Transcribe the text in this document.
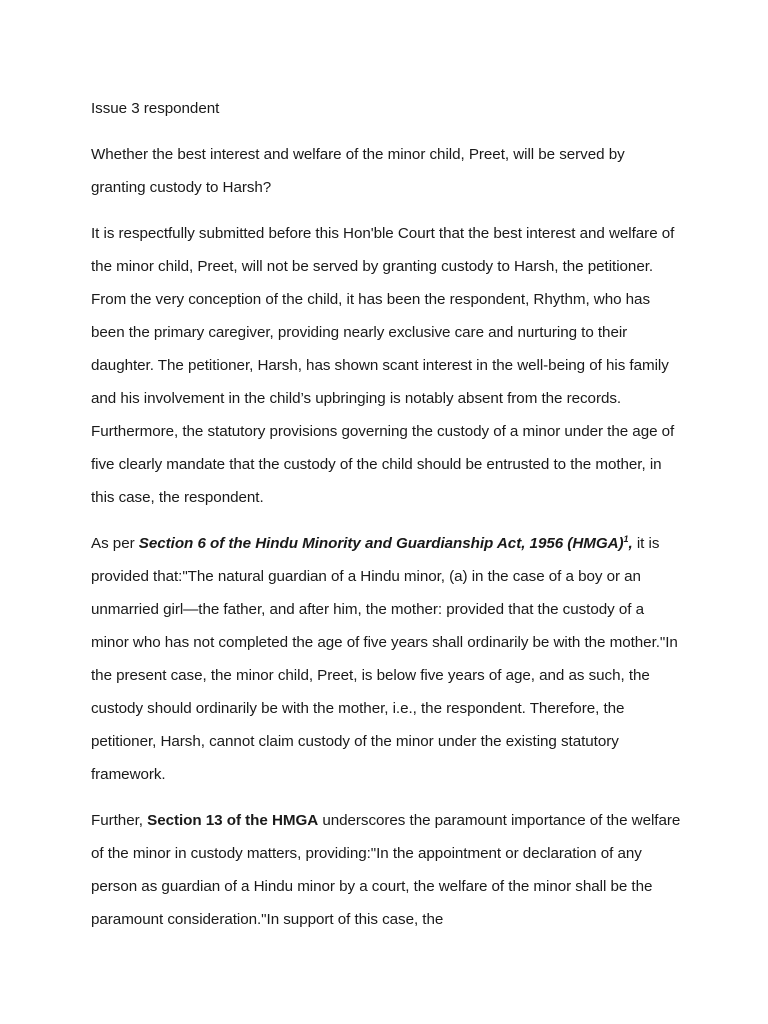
Issue 3 respondent

Whether the best interest and welfare of the minor child, Preet, will be served by granting custody to Harsh?

It is respectfully submitted before this Hon'ble Court that the best interest and welfare of the minor child, Preet, will not be served by granting custody to Harsh, the petitioner. From the very conception of the child, it has been the respondent, Rhythm, who has been the primary caregiver, providing nearly exclusive care and nurturing to their daughter. The petitioner, Harsh, has shown scant interest in the well-being of his family and his involvement in the child’s upbringing is notably absent from the records. Furthermore, the statutory provisions governing the custody of a minor under the age of five clearly mandate that the custody of the child should be entrusted to the mother, in this case, the respondent.

As per Section 6 of the Hindu Minority and Guardianship Act, 1956 (HMGA)$^1$, it is provided that:"The natural guardian of a Hindu minor, (a) in the case of a boy or an unmarried girl—the father, and after him, the mother: provided that the custody of a minor who has not completed the age of five years shall ordinarily be with the mother."In the present case, the minor child, Preet, is below five years of age, and as such, the custody should ordinarily be with the mother, i.e., the respondent. Therefore, the petitioner, Harsh, cannot claim custody of the minor under the existing statutory framework.

Further, Section 13 of the HMGA underscores the paramount importance of the welfare of the minor in custody matters, providing:"In the appointment or declaration of any person as guardian of a Hindu minor by a court, the welfare of the minor shall be the paramount consideration."In support of this case, the
